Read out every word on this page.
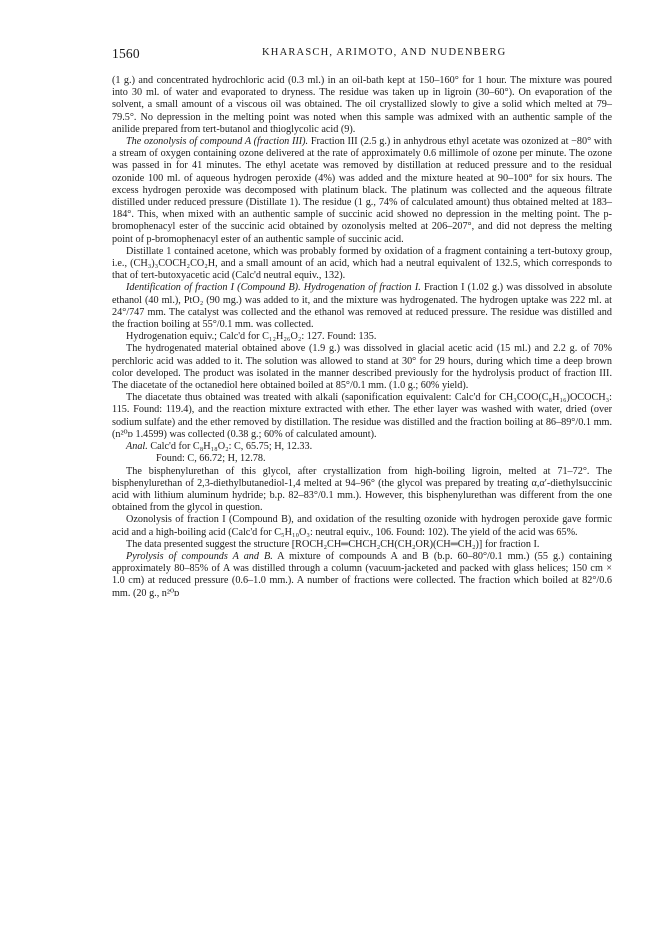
1560	KHARASCH, ARIMOTO, AND NUDENBERG

(1 g.) and concentrated hydrochloric acid (0.3 ml.) in an oil-bath kept at 150–160° for 1 hour. The mixture was poured into 30 ml. of water and evaporated to dryness. The residue was taken up in ligroin (30–60°). On evaporation of the solvent, a small amount of a viscous oil was obtained. The oil crystallized slowly to give a solid which melted at 79–79.5°. No depression in the melting point was noted when this sample was admixed with an authentic sample of the anilide prepared from tert-butanol and thioglycolic acid (9).

The ozonolysis of compound A (fraction III). Fraction III (2.5 g.) in anhydrous ethyl acetate was ozonized at −80° with a stream of oxygen containing ozone delivered at the rate of approximately 0.6 millimole of ozone per minute. The ozone was passed in for 41 minutes. The ethyl acetate was removed by distillation at reduced pressure and to the residual ozonide 100 ml. of aqueous hydrogen peroxide (4%) was added and the mixture heated at 90–100° for six hours. The excess hydrogen peroxide was decomposed with platinum black. The platinum was collected and the aqueous filtrate distilled under reduced pressure (Distillate 1). The residue (1 g., 74% of calculated amount) thus obtained melted at 183–184°. This, when mixed with an authentic sample of succinic acid showed no depression in the melting point. The p-bromophenacyl ester of the succinic acid obtained by ozonolysis melted at 206–207°, and did not depress the melting point of p-bromophenacyl ester of an authentic sample of succinic acid.

Distillate 1 contained acetone, which was probably formed by oxidation of a fragment containing a tert-butoxy group, i.e., (CH₃)₃COCH₂CO₂H, and a small amount of an acid, which had a neutral equivalent of 132.5, which corresponds to that of tert-butoxyacetic acid (Calc'd neutral equiv., 132).

Identification of fraction I (Compound B). Hydrogenation of fraction I. Fraction I (1.02 g.) was dissolved in absolute ethanol (40 ml.), PtO₂ (90 mg.) was added to it, and the mixture was hydrogenated. The hydrogen uptake was 222 ml. at 24°/747 mm. The catalyst was collected and the ethanol was removed at reduced pressure. The residue was distilled and the fraction boiling at 55°/0.1 mm. was collected.

Hydrogenation equiv.; Calc'd for C₁₂H₂₆O₂: 127. Found: 135.

The hydrogenated material obtained above (1.9 g.) was dissolved in glacial acetic acid (15 ml.) and 2.2 g. of 70% perchloric acid was added to it. The solution was allowed to stand at 30° for 29 hours, during which time a deep brown color developed. The product was isolated in the manner described previously for the hydrolysis product of fraction III. The diacetate of the octanediol here obtained boiled at 85°/0.1 mm. (1.0 g.; 60% yield).

The diacetate thus obtained was treated with alkali (saponification equivalent: Calc'd for CH₃COO(C₈H₁₆)OCOCH₃: 115. Found: 119.4), and the reaction mixture extracted with ether. The ether layer was washed with water, dried (over sodium sulfate) and the ether removed by distillation. The residue was distilled and the fraction boiling at 86–89°/0.1 mm. (n²⁰ᴅ 1.4599) was collected (0.38 g.; 60% of calculated amount).

Anal. Calc'd for C₈H₁₈O₂: C, 65.75; H, 12.33.

Found: C, 66.72; H, 12.78.

The bisphenylurethan of this glycol, after crystallization from high-boiling ligroin, melted at 71–72°. The bisphenylurethan of 2,3-diethylbutanediol-1,4 melted at 94–96° (the glycol was prepared by treating α,α′-diethylsuccinic acid with lithium aluminum hydride; b.p. 82–83°/0.1 mm.). However, this bisphenylurethan was different from the one obtained from the glycol in question.

Ozonolysis of fraction I (Compound B), and oxidation of the resulting ozonide with hydrogen peroxide gave formic acid and a high-boiling acid (Calc'd for C₅H₁₀O₃: neutral equiv., 106. Found: 102). The yield of the acid was 65%.

The data presented suggest the structure [ROCH₂CH═CHCH₂CH(CH₂OR)(CH═CH₂)] for fraction I.

Pyrolysis of compounds A and B. A mixture of compounds A and B (b.p. 60–80°/0.1 mm.) (55 g.) containing approximately 80–85% of A was distilled through a column (vacuum-jacketed and packed with glass helices; 150 cm × 1.0 cm) at reduced pressure (0.6–1.0 mm.). A number of fractions were collected. The fraction which boiled at 82°/0.6 mm. (20 g., n²⁰ᴅ
